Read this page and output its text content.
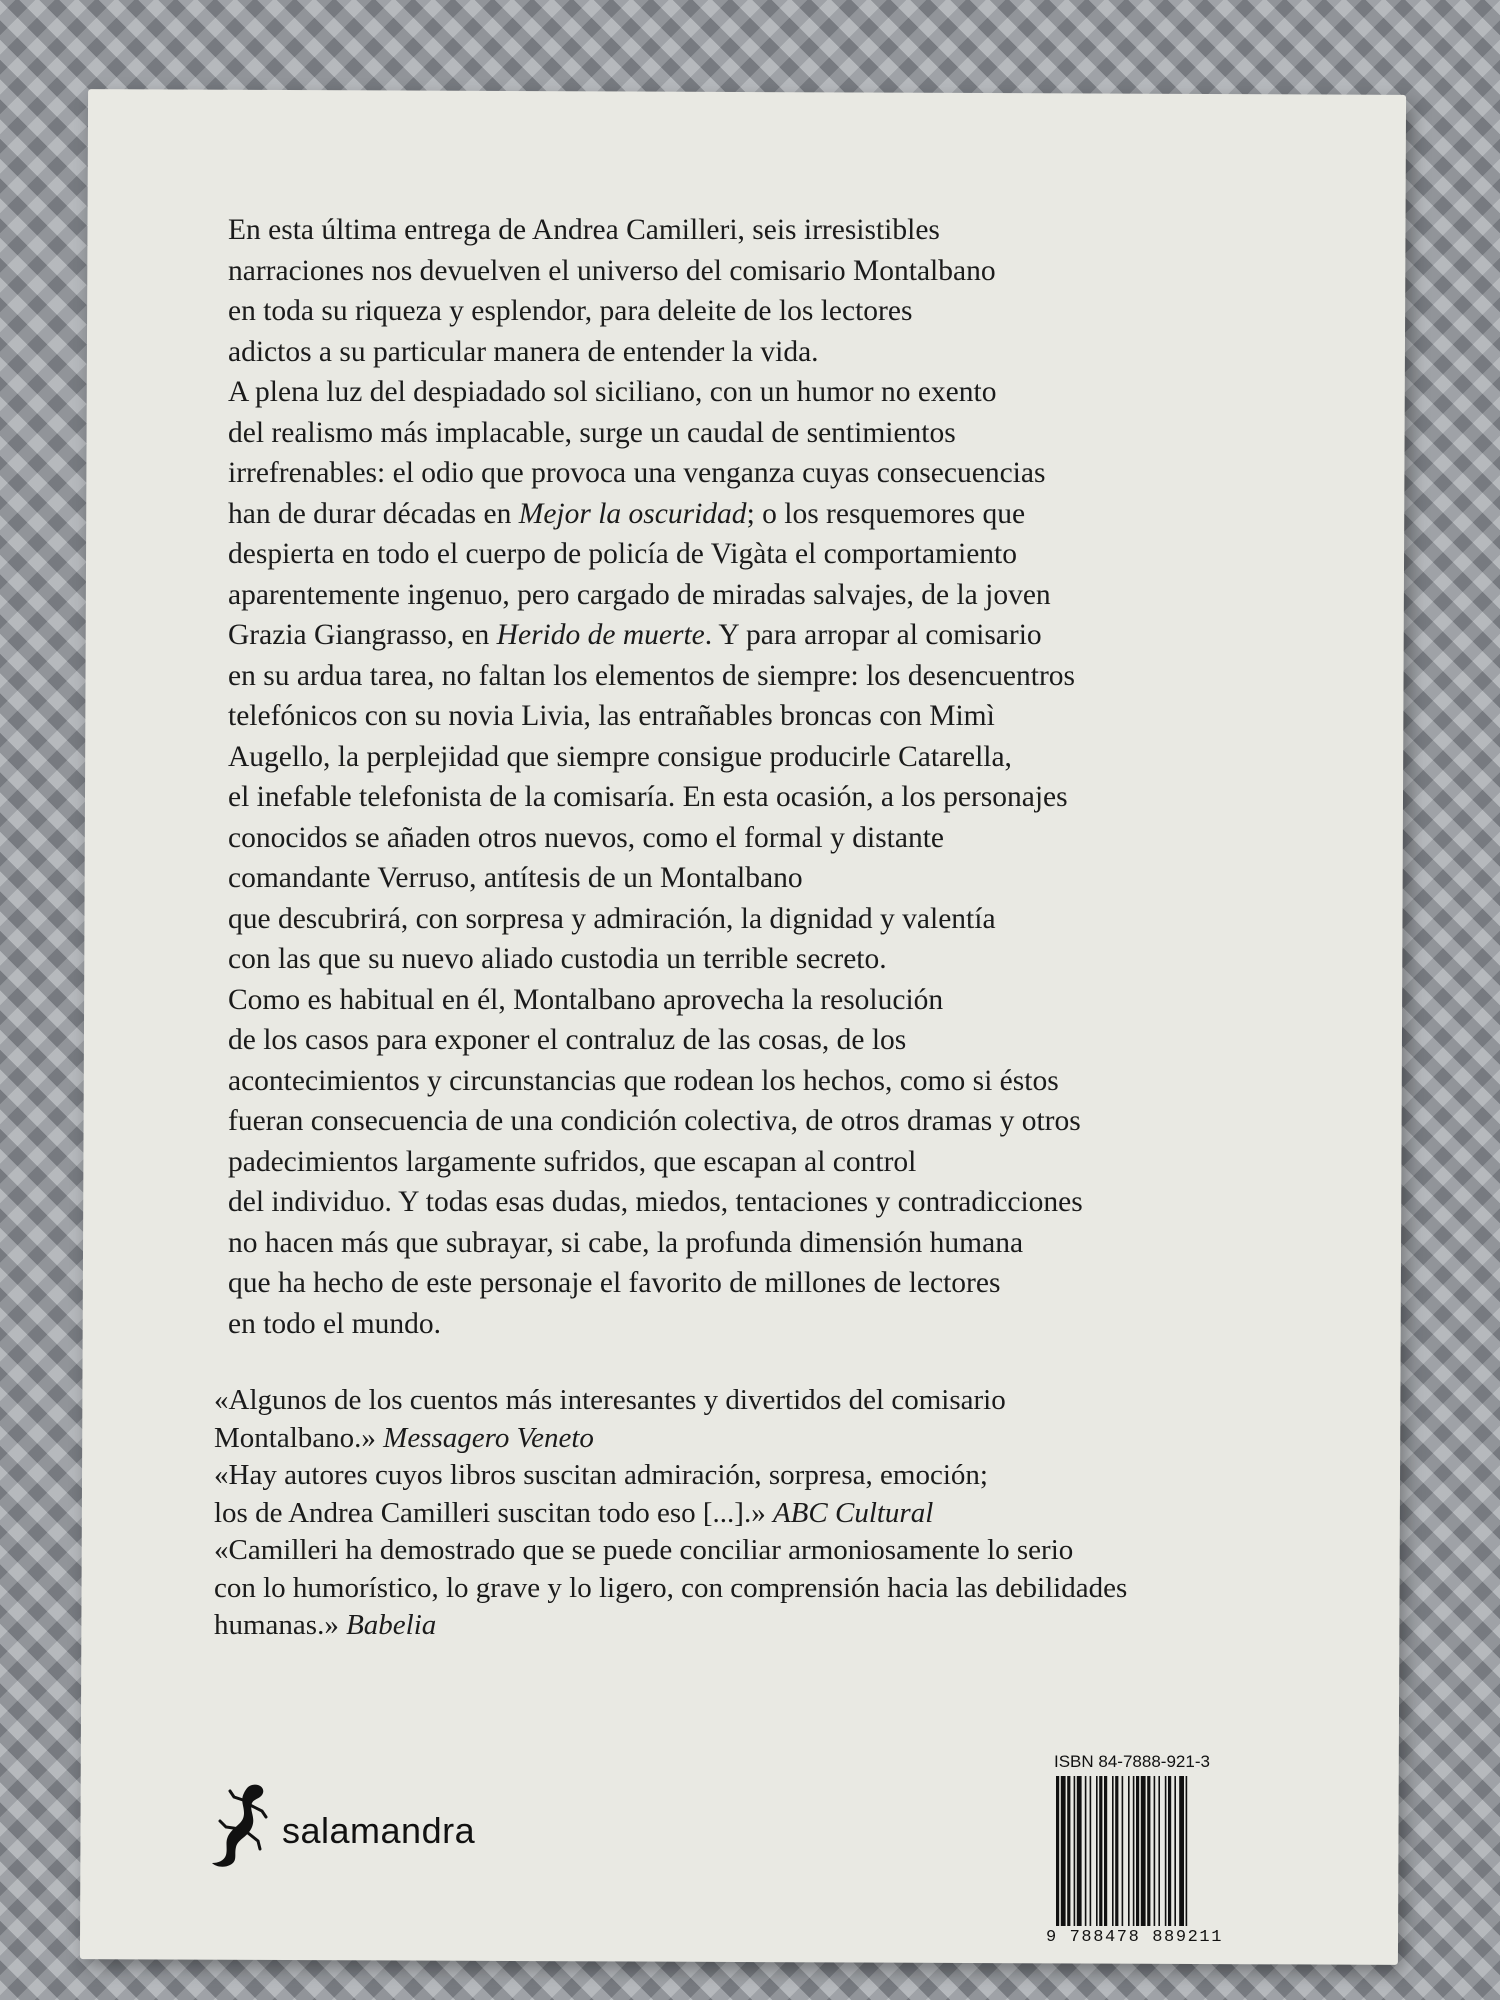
En esta última entrega de Andrea Camilleri, seis irresistibles

narraciones nos devuelven el universo del comisario Montalbano

en toda su riqueza y esplendor, para deleite de los lectores

adictos a su particular manera de entender la vida.

A plena luz del despiadado sol siciliano, con un humor no exento

del realismo más implacable, surge un caudal de sentimientos

irrefrenables: el odio que provoca una venganza cuyas consecuencias

han de durar décadas en Mejor la oscuridad; o los resquemores que

despierta en todo el cuerpo de policía de Vigàta el comportamiento

aparentemente ingenuo, pero cargado de miradas salvajes, de la joven

Grazia Giangrasso, en Herido de muerte. Y para arropar al comisario

en su ardua tarea, no faltan los elementos de siempre: los desencuentros

telefónicos con su novia Livia, las entrañables broncas con Mimì

Augello, la perplejidad que siempre consigue producirle Catarella,

el inefable telefonista de la comisaría. En esta ocasión, a los personajes

conocidos se añaden otros nuevos, como el formal y distante

comandante Verruso, antítesis de un Montalbano

que descubrirá, con sorpresa y admiración, la dignidad y valentía

con las que su nuevo aliado custodia un terrible secreto.

Como es habitual en él, Montalbano aprovecha la resolución

de los casos para exponer el contraluz de las cosas, de los

acontecimientos y circunstancias que rodean los hechos, como si éstos

fueran consecuencia de una condición colectiva, de otros dramas y otros

padecimientos largamente sufridos, que escapan al control

del individuo. Y todas esas dudas, miedos, tentaciones y contradicciones

no hacen más que subrayar, si cabe, la profunda dimensión humana

que ha hecho de este personaje el favorito de millones de lectores

en todo el mundo.

«Algunos de los cuentos más interesantes y divertidos del comisario

Montalbano.» Messagero Veneto

«Hay autores cuyos libros suscitan admiración, sorpresa, emoción;

los de Andrea Camilleri suscitan todo eso [...].» ABC Cultural

«Camilleri ha demostrado que se puede conciliar armoniosamente lo serio

con lo humorístico, lo grave y lo ligero, con comprensión hacia las debilidades

humanas.» Babelia

salamandra
ISBN 84-7888-921-3
9 788478 889211
